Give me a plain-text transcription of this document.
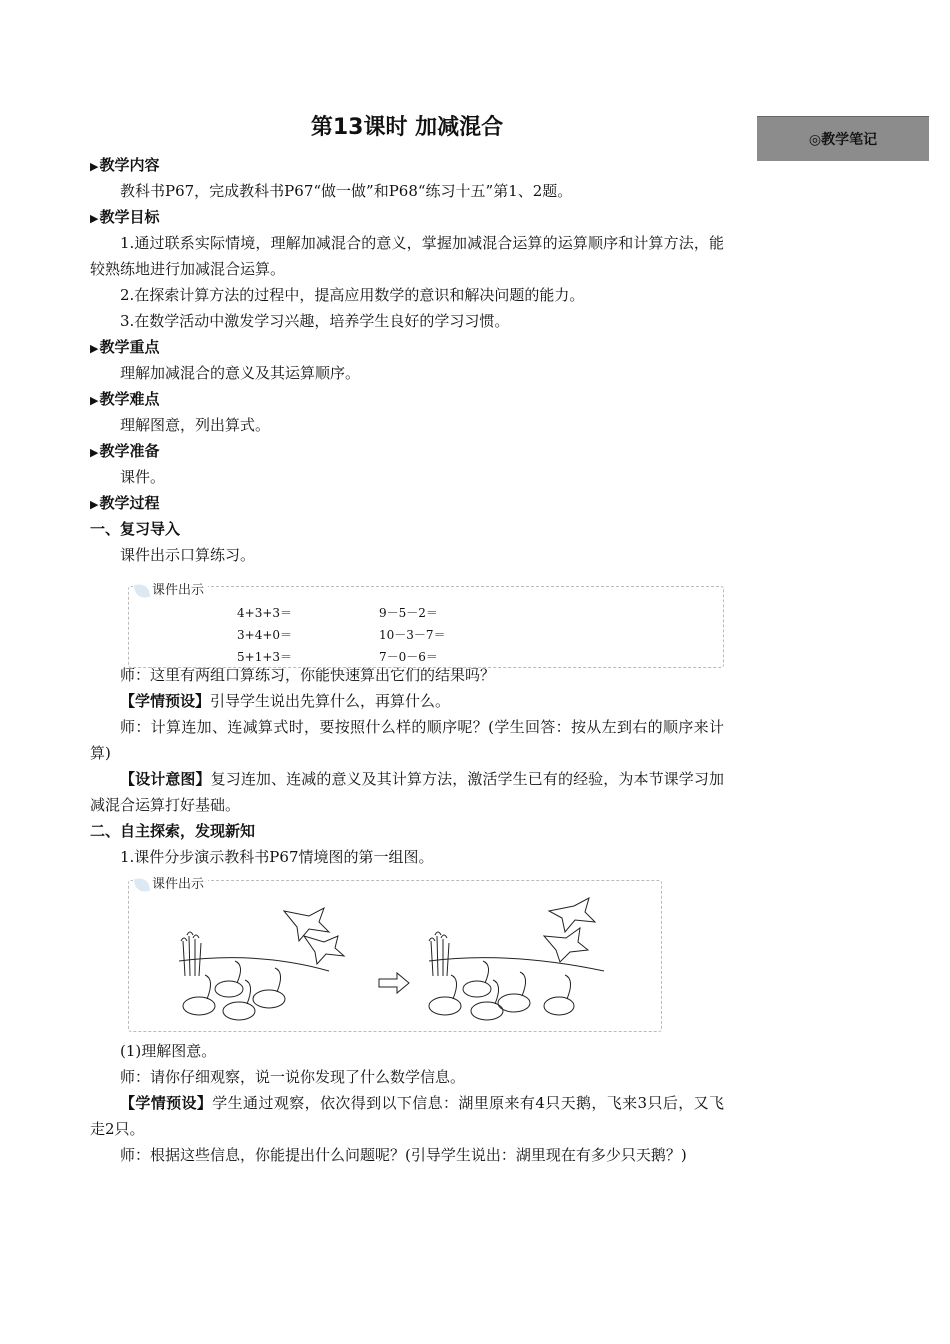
◎教学笔记
第13课时 加减混合
▶教学内容

教科书P67，完成教科书P67“做一做”和P68“练习十五”第1、2题。

▶教学目标

1.通过联系实际情境，理解加减混合的意义，掌握加减混合运算的运算顺序和计算方法，能较熟练地进行加减混合运算。

2.在探索计算方法的过程中，提高应用数学的意识和解决问题的能力。

3.在数学活动中激发学习兴趣，培养学生良好的学习习惯。

▶教学重点

理解加减混合的意义及其运算顺序。

▶教学难点

理解图意，列出算式。

▶教学准备

课件。

▶教学过程
一、复习导入

课件出示口算练习。

课件出示
4+3+3＝
3+4+0＝
5+1+3＝
9－5－2＝
10－3－7＝
7－0－6＝

师：这里有两组口算练习，你能快速算出它们的结果吗？

【学情预设】引导学生说出先算什么，再算什么。

师：计算连加、连减算式时，要按照什么样的顺序呢？(学生回答：按从左到右的顺序来计算)

【设计意图】复习连加、连减的意义及其计算方法，激活学生已有的经验，为本节课学习加减混合运算打好基础。

二、自主探索，发现新知

1.课件分步演示教科书P67情境图的第一组图。

课件出示

(1)理解图意。

师：请你仔细观察，说一说你发现了什么数学信息。

【学情预设】学生通过观察，依次得到以下信息：湖里原来有4只天鹅，飞来3只后，又飞走2只。

师：根据这些信息，你能提出什么问题呢？(引导学生说出：湖里现在有多少只天鹅？)
